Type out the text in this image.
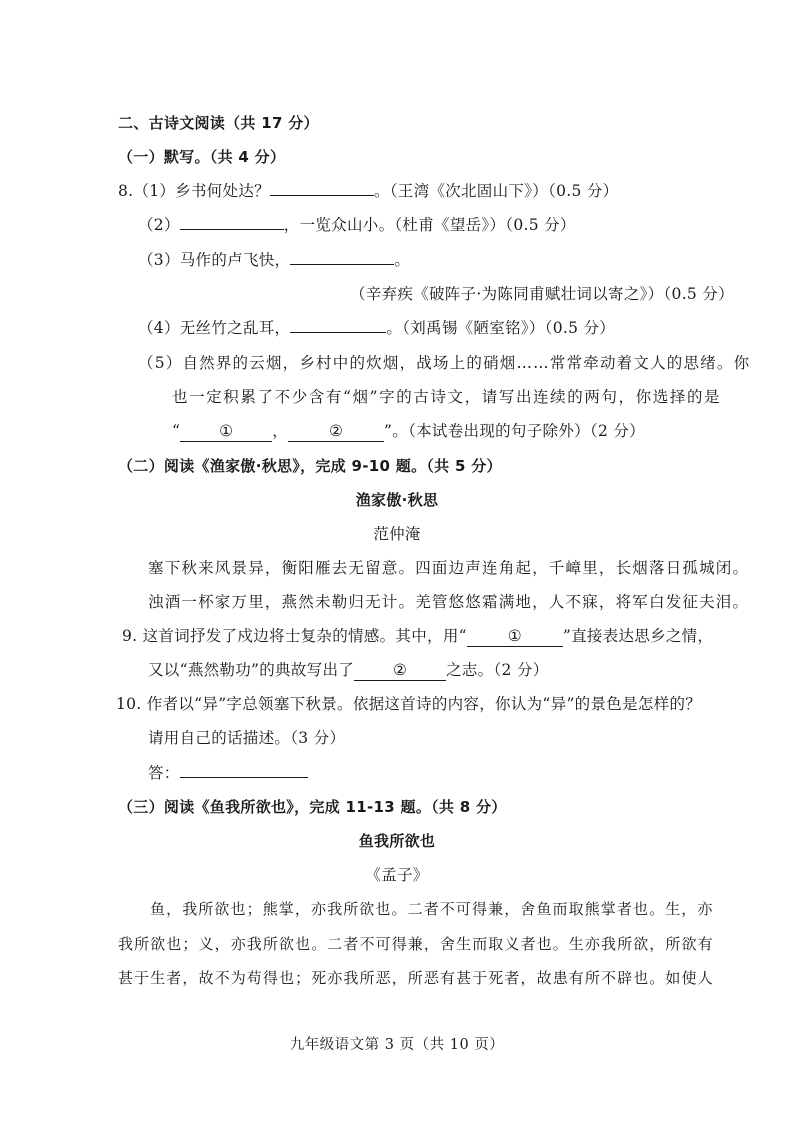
二、古诗文阅读（共 17 分）
（一）默写。（共 4 分）
8.（1）乡书何处达？	。（王湾《次北固山下》）（0.5 分）
（2）	，一览众山小。（杜甫《望岳》）（0.5 分）
（3）马作的卢飞快，	。
（辛弃疾《破阵子·为陈同甫赋壮词以寄之》）（0.5 分）
（4）无丝竹之乱耳，	。（刘禹锡《陋室铭》）（0.5 分）
（5）自然界的云烟，乡村中的炊烟，战场上的硝烟……常常牵动着文人的思绪。你
也一定积累了不少含有“烟”字的古诗文，请写出连续的两句，你选择的是
“	①	，	②	”。（本试卷出现的句子除外）（2 分）
（二）阅读《渔家傲·秋思》，完成 9-10 题。（共 5 分）
渔家傲·秋思
范仲淹
塞下秋来风景异，衡阳雁去无留意。四面边声连角起，千嶂里，长烟落日孤城闭。
浊酒一杯家万里，燕然未勒归无计。羌管悠悠霜满地，人不寐，将军白发征夫泪。
9. 这首词抒发了戍边将士复杂的情感。其中，用“	①	”直接表达思乡之情，
又以“燕然勒功”的典故写出了	②	之志。（2 分）
10. 作者以“异”字总领塞下秋景。依据这首诗的内容，你认为“异”的景色是怎样的？
请用自己的话描述。（3 分）
答：
（三）阅读《鱼我所欲也》，完成 11-13 题。（共 8 分）
鱼我所欲也
《孟子》
鱼，我所欲也；熊掌，亦我所欲也。二者不可得兼，舍鱼而取熊掌者也。生，亦
我所欲也；义，亦我所欲也。二者不可得兼，舍生而取义者也。生亦我所欲，所欲有
甚于生者，故不为苟得也；死亦我所恶，所恶有甚于死者，故患有所不辟也。如使人
九年级语文第 3 页（共 10 页）
